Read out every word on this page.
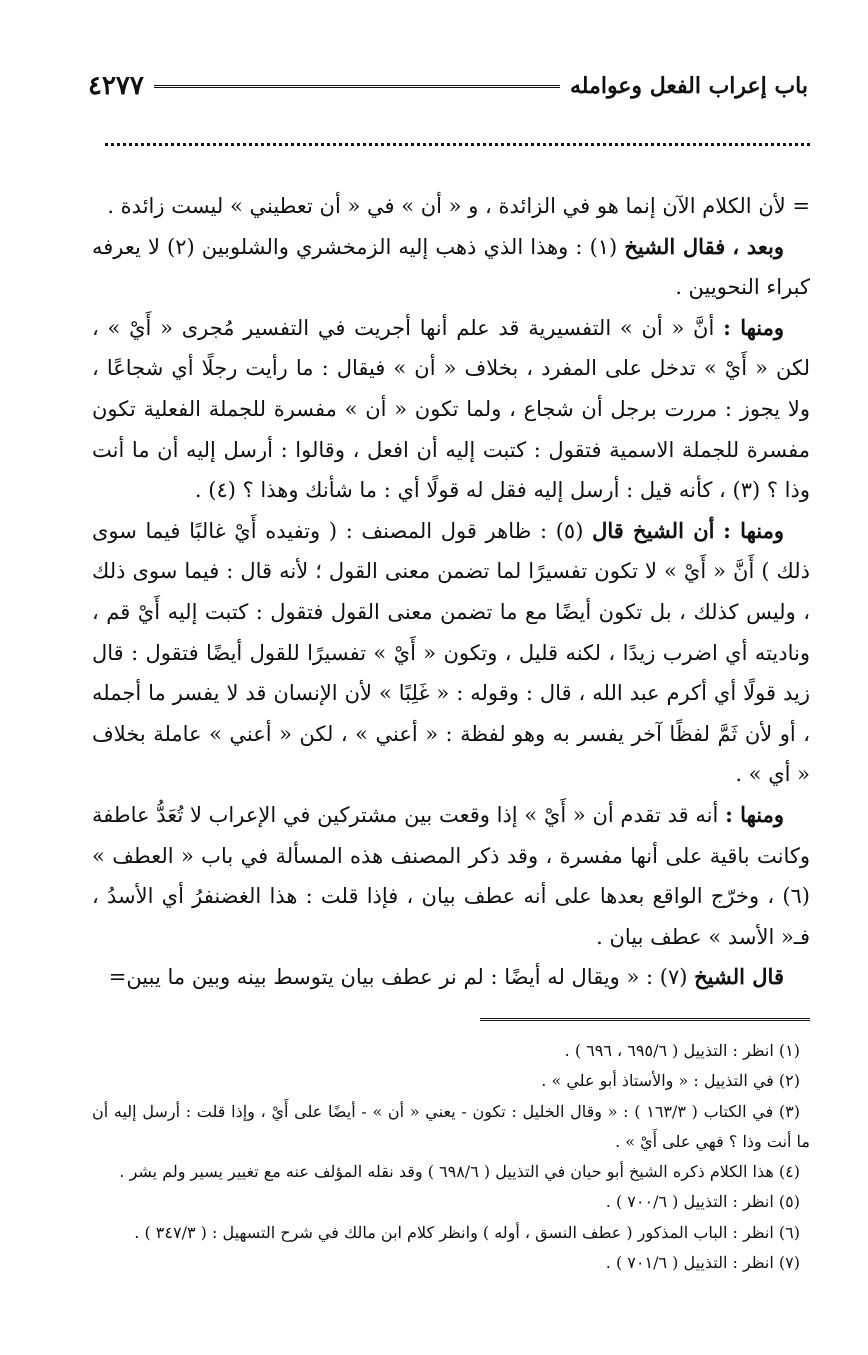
٤٢٧٧	باب إعراب الفعل وعوامله

= لأن الكلام الآن إنما هو في الزائدة ، و « أن » في « أن تعطيني » ليست زائدة .

وبعد ، فقال الشيخ (١) : وهذا الذي ذهب إليه الزمخشري والشلوبين (٢) لا يعرفه كبراء النحويين .

ومنها : أنَّ « أن » التفسيرية قد علم أنها أجريت في التفسير مُجرى « أَيْ » ، لكن « أَيْ » تدخل على المفرد ، بخلاف « أن » فيقال : ما رأيت رجلًا أي شجاعًا ، ولا يجوز : مررت برجل أن شجاع ، ولما تكون « أن » مفسرة للجملة الفعلية تكون مفسرة للجملة الاسمية فتقول : كتبت إليه أن افعل ، وقالوا : أرسل إليه أن ما أنت وذا ؟ (٣) ، كأنه قيل : أرسل إليه فقل له قولًا أي : ما شأنك وهذا ؟ (٤) .

ومنها : أن الشيخ قال (٥) : ظاهر قول المصنف : ( وتفيده أَيْ غالبًا فيما سوى ذلك ) أَنَّ « أَيْ » لا تكون تفسيرًا لما تضمن معنى القول ؛ لأنه قال : فيما سوى ذلك ، وليس كذلك ، بل تكون أيضًا مع ما تضمن معنى القول فتقول : كتبت إليه أَيْ قم ، وناديته أي اضرب زيدًا ، لكنه قليل ، وتكون « أَيْ » تفسيرًا للقول أيضًا فتقول : قال زيد قولًا أي أكرم عبد الله ، قال : وقوله : « غَلِبًا » لأن الإنسان قد لا يفسر ما أجمله ، أو لأن ثَمَّ لفظًا آخر يفسر به وهو لفظة : « أعني » ، لكن « أعني » عاملة بخلاف « أي » .

ومنها : أنه قد تقدم أن « أَيْ » إذا وقعت بين مشتركين في الإعراب لا تُعَدُّ عاطفة وكانت باقية على أنها مفسرة ، وقد ذكر المصنف هذه المسألة في باب « العطف » (٦) ، وخرّج الواقع بعدها على أنه عطف بيان ، فإذا قلت : هذا الغضنفرُ أي الأسدُ ، فـ« الأسد » عطف بيان .

قال الشيخ (٧) : « ويقال له أيضًا : لم نر عطف بيان يتوسط بينه وبين ما يبين=

(١) انظر : التذييل ( ٦٩٥/٦ ، ٦٩٦ ) .

(٢) في التذييل : « والأستاذ أبو علي » .

(٣) في الكتاب ( ١٦٣/٣ ) : « وقال الخليل : تكون - يعني « أن » - أيضًا على أَيْ ، وإذا قلت : أرسل إليه أن ما أنت وذا ؟ فهي على أَيْ » .

(٤) هذا الكلام ذكره الشيخ أبو حيان في التذييل ( ٦٩٨/٦ ) وقد نقله المؤلف عنه مع تغيير يسير ولم يشر .

(٥) انظر : التذييل ( ٧٠٠/٦ ) .

(٦) انظر : الباب المذكور ( عطف النسق ، أوله ) وانظر كلام ابن مالك في شرح التسهيل : ( ٣٤٧/٣ ) .

(٧) انظر : التذييل ( ٧٠١/٦ ) .
